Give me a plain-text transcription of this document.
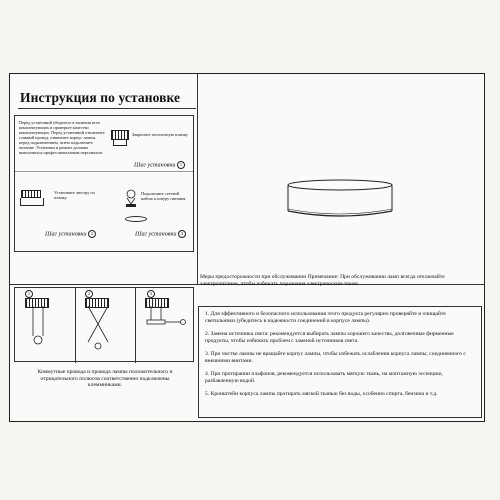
Инструкция по установке
Перед установкой убедитесь в наличии всех комплектующих и проверьте качество комплектующих. Перед установкой отключите главный провод, отвинтите корпус лампы перед подключением, затем подключите питание. Установка и ремонт должны выполняться профессиональным персоналом.
Закрепите потолочную планку
Шаг установки 1
Установите люстру по планку
Шаг установки 2
Подключите сетевой кабель к шнуру питания
Шаг установки 3
1	2	3
Коммутные провода и провода лампы положительного и отрицательного полюсов соответственно подключены клеммниками.
Меры предосторожности при обслуживании Примечание: При обслуживании ламп всегда отключайте электропитание, чтобы избежать поражения электрическим током
1. Для эффективного и безопасного использования этого продукта регулярно проверяйте и очищайте светильники (убедитесь в надежности соединений в корпусе лампы).
2. Замена источника света: рекомендуется выбирать лампы хорошего качества, долговечные фирменные продукты, чтобы избежать проблем с заменой источников света.
3. При чистке лампы не вращайте корпус лампы, чтобы избежать ослабления корпуса лампы, соединенного с внешними винтами.
4. При протирании плафонов, рекомендуется использовать мягкую ткань, на монтажную эссенцию, разбавленную водой.
5. Кронштейн корпуса лампы протирать мягкой тканью без воды, особенно спирта, бензина и т.д.
